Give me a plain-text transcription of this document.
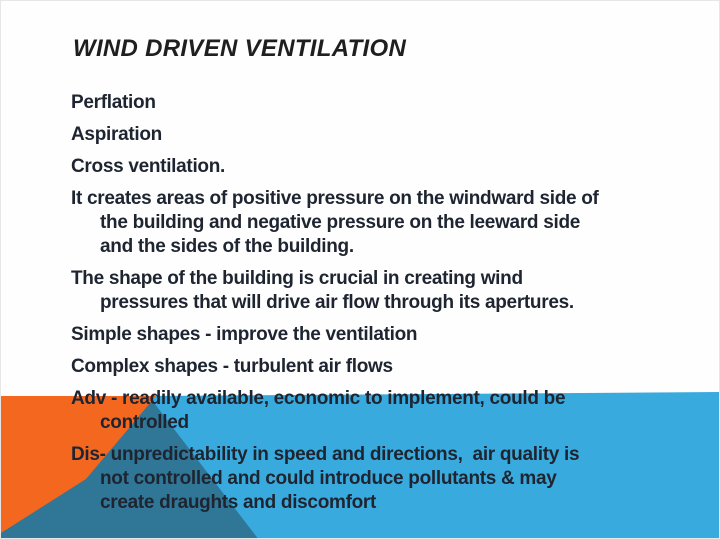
WIND DRIVEN VENTILATION
Perflation
Aspiration
Cross ventilation.
It creates areas of positive pressure on the windward side of
the building and negative pressure on the leeward side
and the sides of the building.
The shape of the building is crucial in creating wind
pressures that will drive air flow through its apertures.
Simple shapes - improve the ventilation
Complex shapes - turbulent air flows
Adv - readily available, economic to implement, could be
controlled
Dis- unpredictability in speed and directions,  air quality is
not controlled and could introduce pollutants & may
create draughts and discomfort
